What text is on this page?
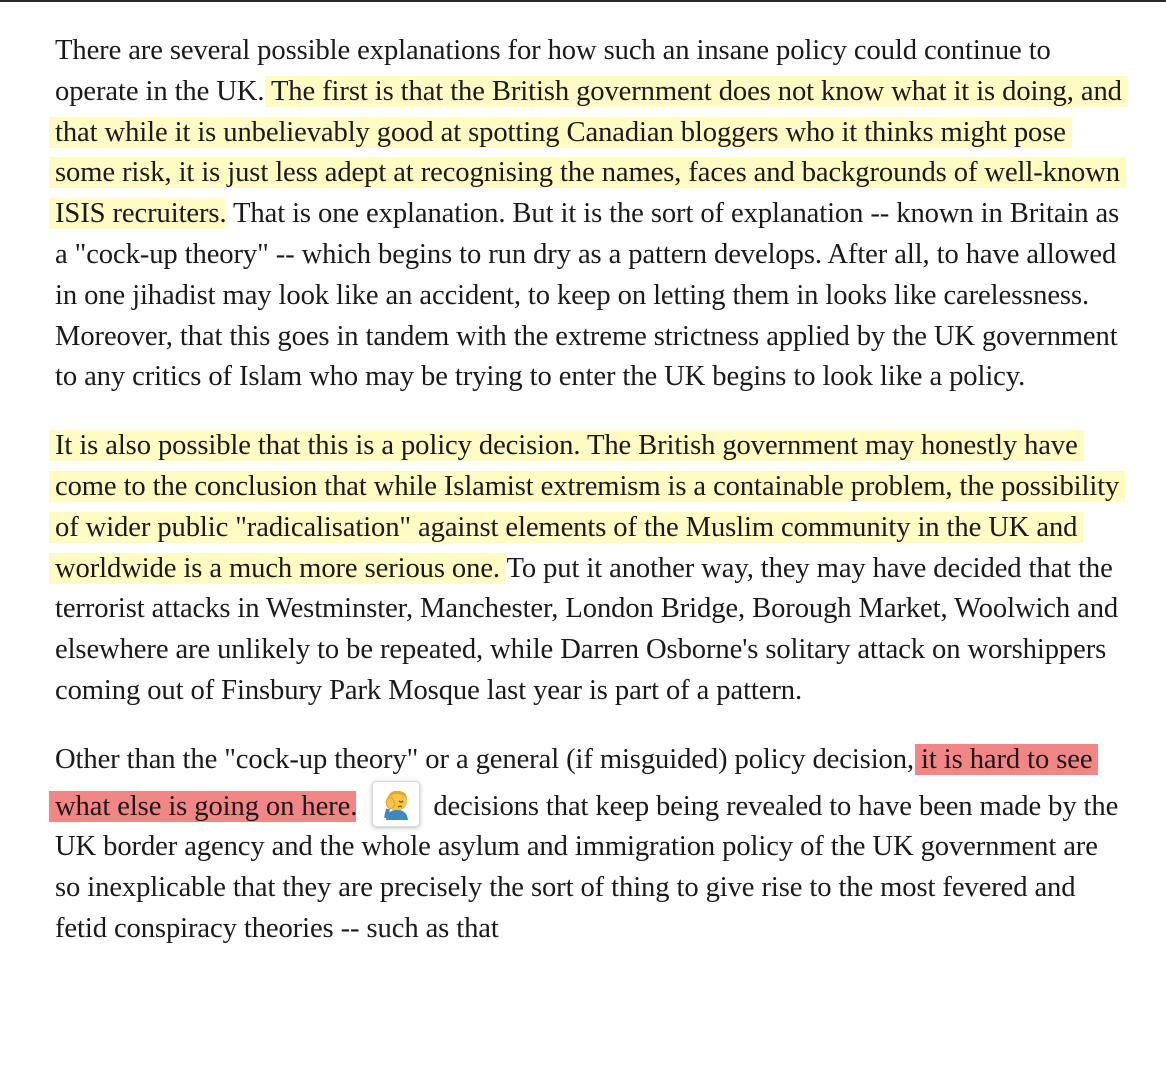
There are several possible explanations for how such an insane policy could continue to operate in the UK. The first is that the British government does not know what it is doing, and that while it is unbelievably good at spotting Canadian bloggers who it thinks might pose some risk, it is just less adept at recognising the names, faces and backgrounds of well-known ISIS recruiters. That is one explanation. But it is the sort of explanation -- known in Britain as a "cock-up theory" -- which begins to run dry as a pattern develops. After all, to have allowed in one jihadist may look like an accident, to keep on letting them in looks like carelessness. Moreover, that this goes in tandem with the extreme strictness applied by the UK government to any critics of Islam who may be trying to enter the UK begins to look like a policy.

It is also possible that this is a policy decision. The British government may honestly have come to the conclusion that while Islamist extremism is a containable problem, the possibility of wider public "radicalisation" against elements of the Muslim community in the UK and worldwide is a much more serious one. To put it another way, they may have decided that the terrorist attacks in Westminster, Manchester, London Bridge, Borough Market, Woolwich and elsewhere are unlikely to be repeated, while Darren Osborne's solitary attack on worshippers coming out of Finsbury Park Mosque last year is part of a pattern.

Other than the "cock-up theory" or a general (if misguided) policy decision, it is hard to see what else is going on here.
decisions that keep being revealed to have been made by the UK border agency and the whole asylum and immigration policy of the UK government are so inexplicable that they are precisely the sort of thing to give rise to the most fevered and fetid conspiracy theories -- such as that
